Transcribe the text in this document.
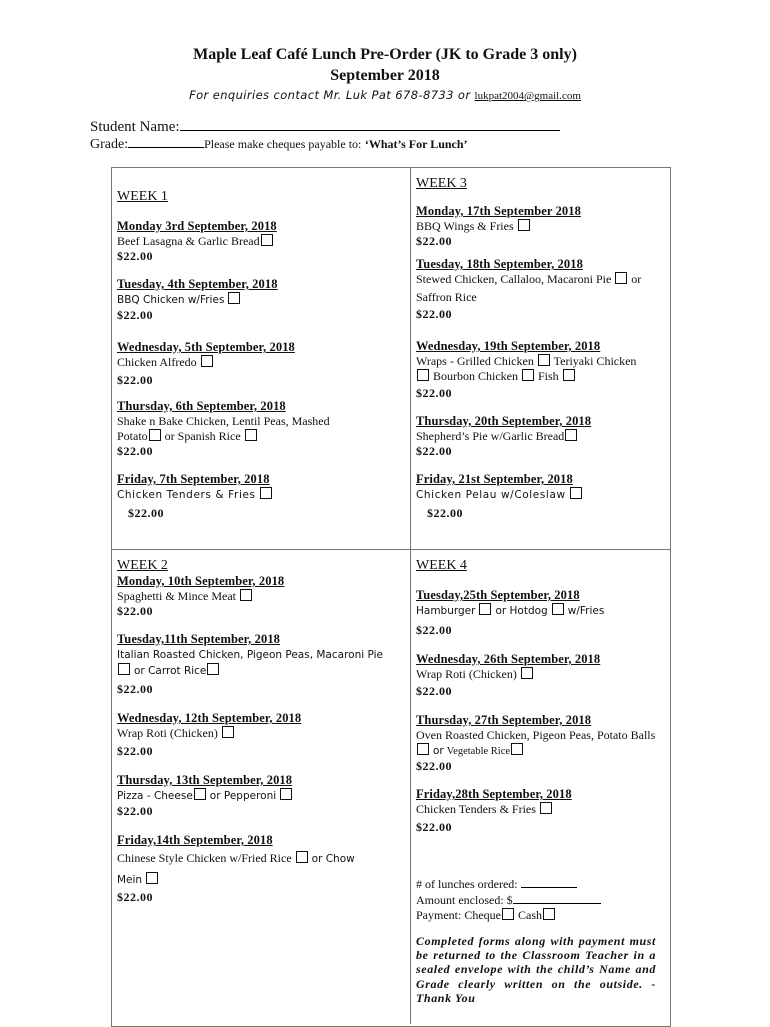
Maple Leaf Café Lunch Pre-Order (JK to Grade 3 only)
September 2018
For enquiries contact Mr. Luk Pat 678-8733 or lukpat2004@gmail.com
Student Name:
Grade:	Please make cheques payable to: ‘What’s For Lunch’

WEEK 1

Monday 3rd September, 2018

Beef Lasagna & Garlic Bread

$22.00

Tuesday, 4th September, 2018

BBQ Chicken w/Fries

$22.00

Wednesday, 5th September, 2018

Chicken Alfredo

$22.00

Thursday, 6th September, 2018

Shake n Bake Chicken, Lentil Peas, Mashed
Potato or Spanish Rice

$22.00

Friday, 7th September, 2018

Chicken Tenders & Fries

$22.00

WEEK 3

Monday, 17th September 2018

BBQ Wings & Fries

$22.00

Tuesday, 18th September, 2018

Stewed Chicken, Callaloo, Macaroni Pie or
Saffron Rice

$22.00

Wednesday, 19th September, 2018

Wraps - Grilled Chicken Teriyaki Chicken
Bourbon Chicken Fish

$22.00

Thursday, 20th September, 2018

Shepherd’s Pie w/Garlic Bread

$22.00

Friday, 21st September, 2018

Chicken Pelau w/Coleslaw

$22.00

WEEK 2

Monday, 10th September, 2018

Spaghetti & Mince Meat

$22.00

Tuesday,11th September, 2018

Italian Roasted Chicken, Pigeon Peas, Macaroni Pie
or Carrot Rice

$22.00

Wednesday, 12th September, 2018

Wrap Roti (Chicken)

$22.00

Thursday, 13th September, 2018

Pizza - Cheese or Pepperoni

$22.00

Friday,14th September, 2018

Chinese Style Chicken w/Fried Rice or Chow
Mein

$22.00

WEEK 4

Tuesday,25th September, 2018

Hamburger or Hotdog w/Fries

$22.00

Wednesday, 26th September, 2018

Wrap Roti (Chicken)

$22.00

Thursday, 27th September, 2018

Oven Roasted Chicken, Pigeon Peas, Potato Balls
or Vegetable Rice

$22.00

Friday,28th September, 2018

Chicken Tenders & Fries

$22.00

# of lunches ordered:
Amount enclosed: $
Payment: Cheque Cash
Completed forms along with payment must be returned to the Classroom Teacher in a sealed envelope with the child’s Name and Grade clearly written on the outside. - Thank You
